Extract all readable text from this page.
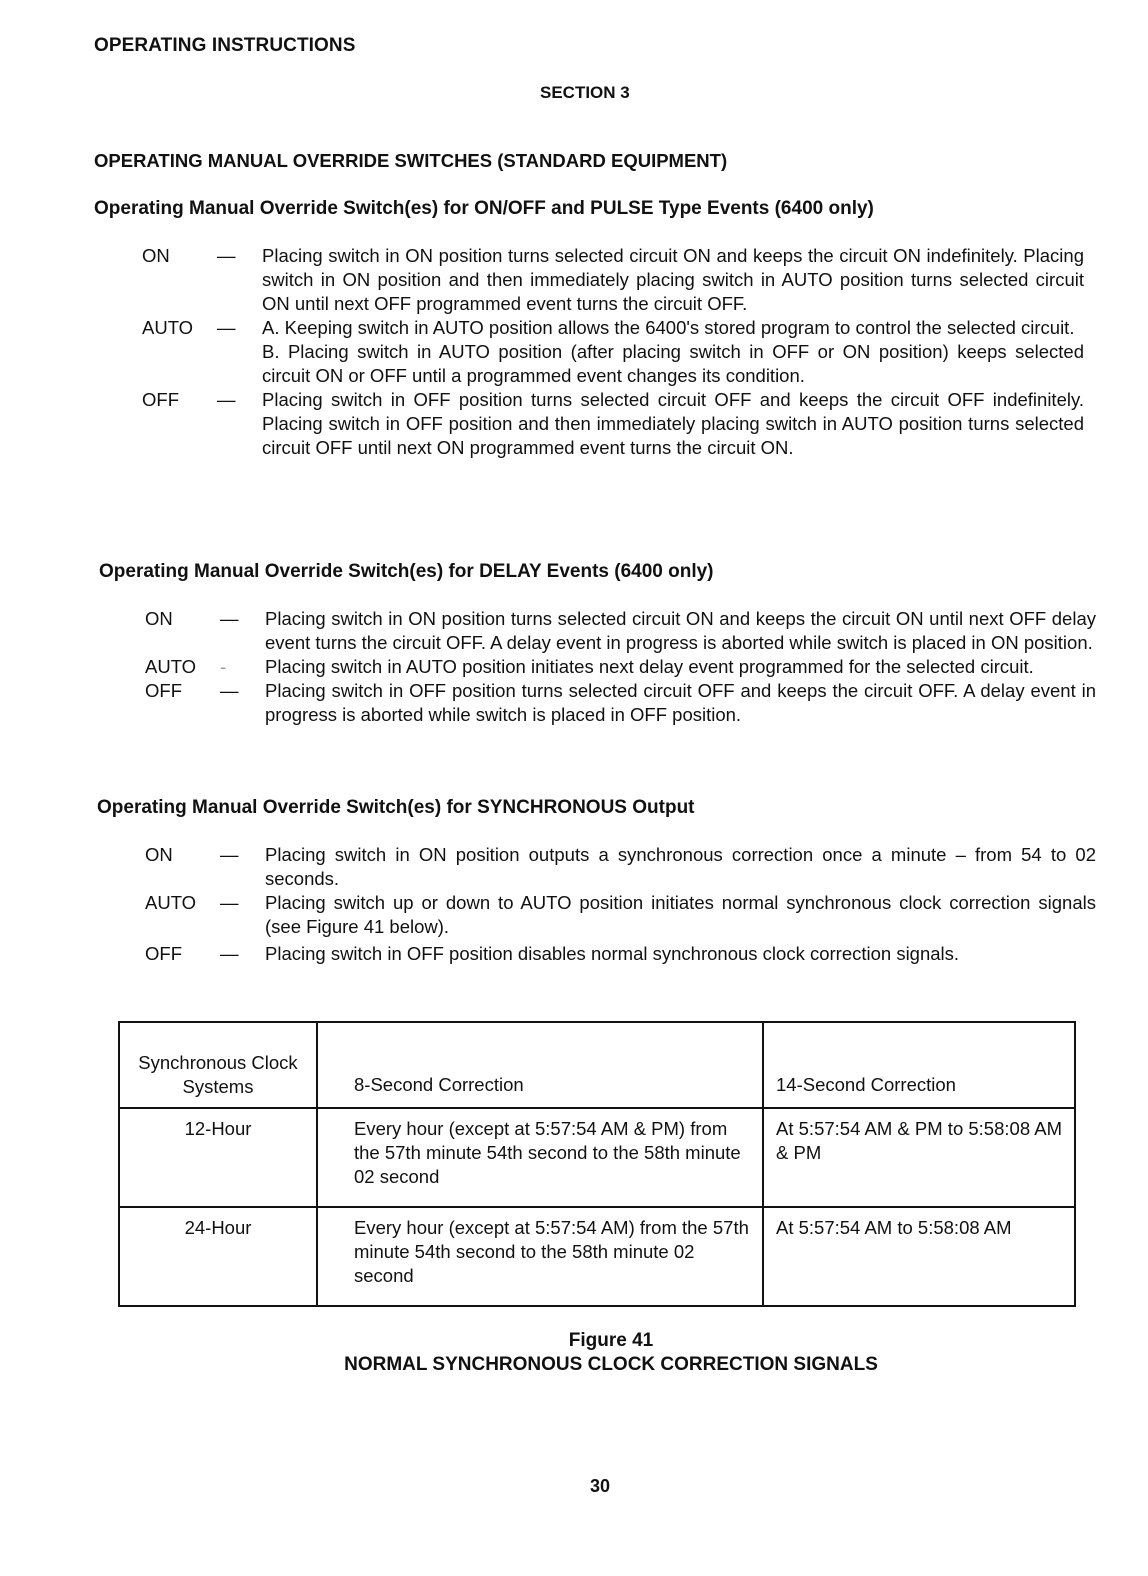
OPERATING INSTRUCTIONS
SECTION 3
OPERATING MANUAL OVERRIDE SWITCHES (STANDARD EQUIPMENT)
Operating Manual Override Switch(es) for ON/OFF and PULSE Type Events (6400 only)
ON	—	Placing switch in ON position turns selected circuit ON and keeps the circuit ON indefinitely. Placing switch in ON position and then immediately placing switch in AUTO position turns selected circuit ON until next OFF programmed event turns the circuit OFF.
AUTO	—	A. Keeping switch in AUTO position allows the 6400's stored program to control the selected circuit.
B. Placing switch in AUTO position (after placing switch in OFF or ON position) keeps selected circuit ON or OFF until a programmed event changes its condition.
OFF	—	Placing switch in OFF position turns selected circuit OFF and keeps the circuit OFF indefinitely. Placing switch in OFF position and then immediately placing switch in AUTO position turns selected circuit OFF until next ON programmed event turns the circuit ON.
Operating Manual Override Switch(es) for DELAY Events (6400 only)
ON	—	Placing switch in ON position turns selected circuit ON and keeps the circuit ON until next OFF delay event turns the circuit OFF. A delay event in progress is aborted while switch is placed in ON position.
AUTO	-	Placing switch in AUTO position initiates next delay event programmed for the selected circuit.
OFF	—	Placing switch in OFF position turns selected circuit OFF and keeps the circuit OFF. A delay event in progress is aborted while switch is placed in OFF position.
Operating Manual Override Switch(es) for SYNCHRONOUS Output
ON	—	Placing switch in ON position outputs a synchronous correction once a minute – from 54 to 02 seconds.
AUTO	—	Placing switch up or down to AUTO position initiates normal synchronous clock correction signals (see Figure 41 below).
OFF	—	Placing switch in OFF position disables normal synchronous clock correction signals.
Synchronous Clock Systems	8-Second Correction	14-Second Correction
12-Hour	Every hour (except at 5:57:54 AM & PM) from the 57th minute 54th second to the 58th minute 02 second	At 5:57:54 AM & PM to 5:58:08 AM & PM
24-Hour	Every hour (except at 5:57:54 AM) from the 57th minute 54th second to the 58th minute 02 second	At 5:57:54 AM to 5:58:08 AM
Figure 41
NORMAL SYNCHRONOUS CLOCK CORRECTION SIGNALS
30
